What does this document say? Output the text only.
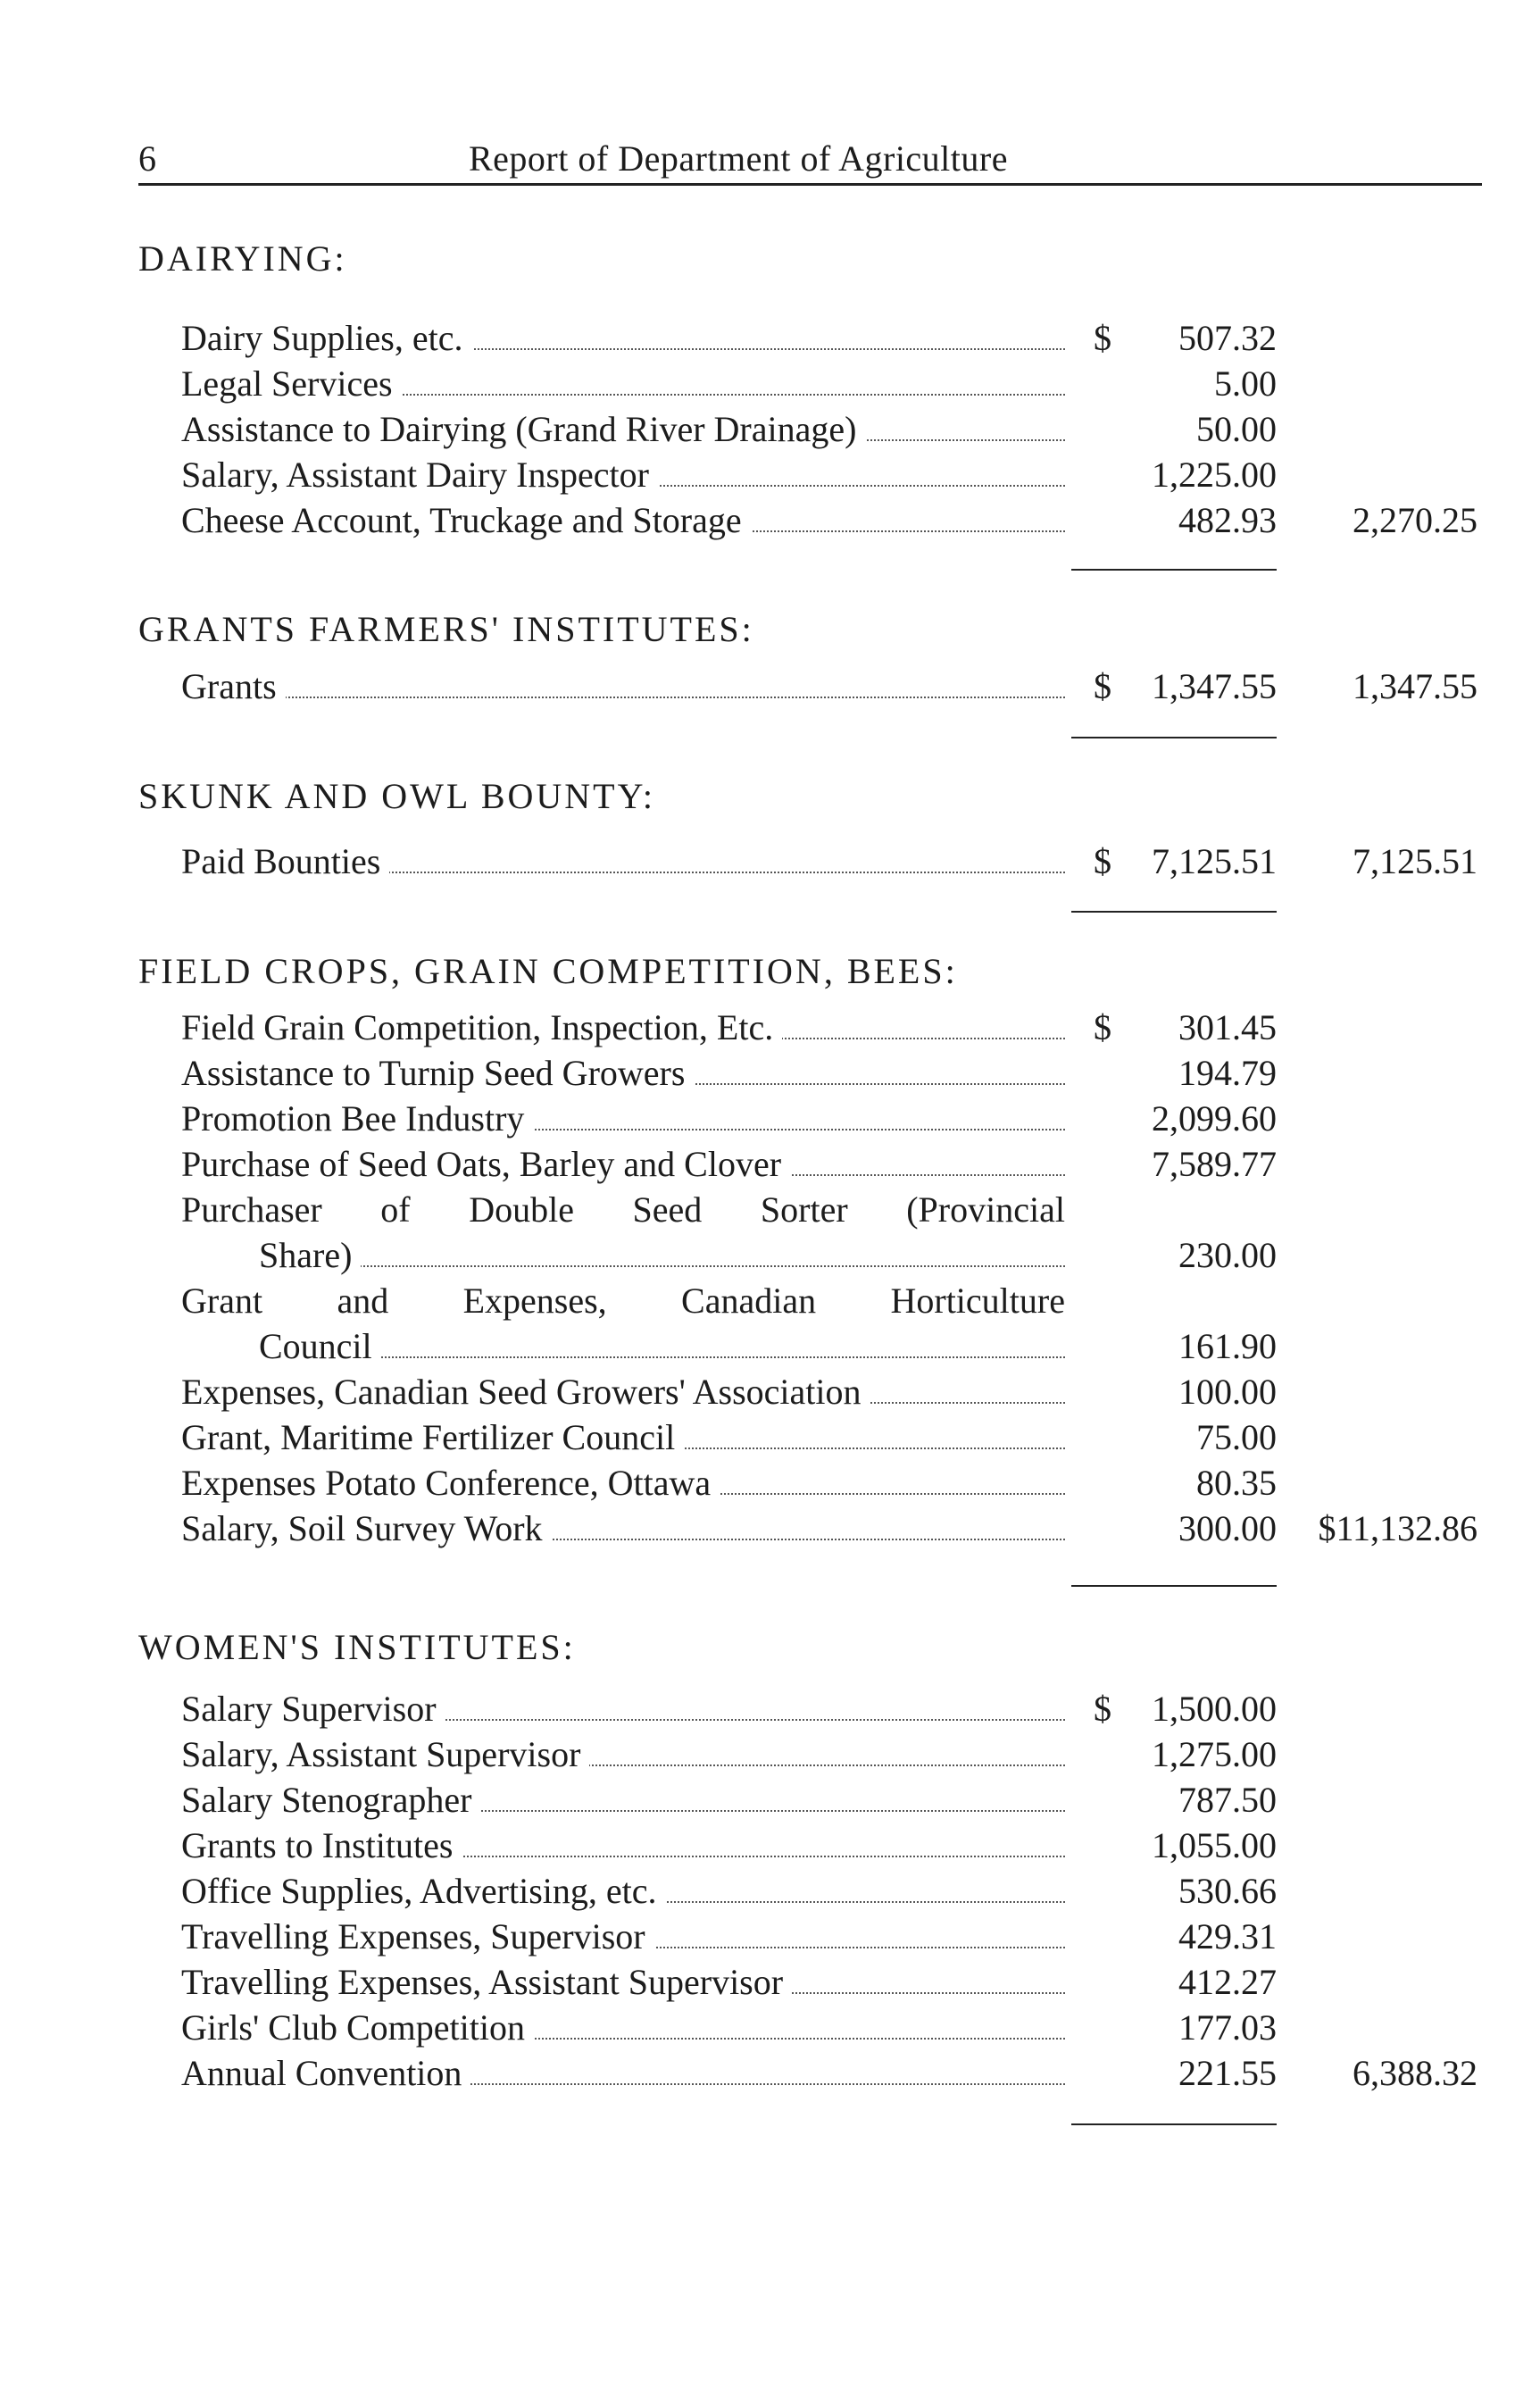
6	Report of Department of Agriculture
DAIRYING:
Dairy Supplies, etc.	$	507.32
Legal Services	5.00
Assistance to Dairying (Grand River Drainage)	50.00
Salary, Assistant Dairy Inspector	1,225.00
Cheese Account, Truckage and Storage	482.93	2,270.25
GRANTS FARMERS' INSTITUTES:
Grants	$	1,347.55	1,347.55
SKUNK AND OWL BOUNTY:
Paid Bounties	$	7,125.51	7,125.51
FIELD CROPS, GRAIN COMPETITION, BEES:
Field Grain Competition, Inspection, Etc.	$	301.45
Assistance to Turnip Seed Growers	194.79
Promotion Bee Industry	2,099.60
Purchase of Seed Oats, Barley and Clover	7,589.77
Purchaser of Double Seed Sorter (Provincial
Share)	230.00
Grant and Expenses, Canadian Horticulture
Council	161.90
Expenses, Canadian Seed Growers' Association	100.00
Grant, Maritime Fertilizer Council	75.00
Expenses Potato Conference, Ottawa	80.35
Salary, Soil Survey Work	300.00	$11,132.86
WOMEN'S INSTITUTES:
Salary Supervisor	$	1,500.00
Salary, Assistant Supervisor	1,275.00
Salary Stenographer	787.50
Grants to Institutes	1,055.00
Office Supplies, Advertising, etc.	530.66
Travelling Expenses, Supervisor	429.31
Travelling Expenses, Assistant Supervisor	412.27
Girls' Club Competition	177.03
Annual Convention	221.55	6,388.32
